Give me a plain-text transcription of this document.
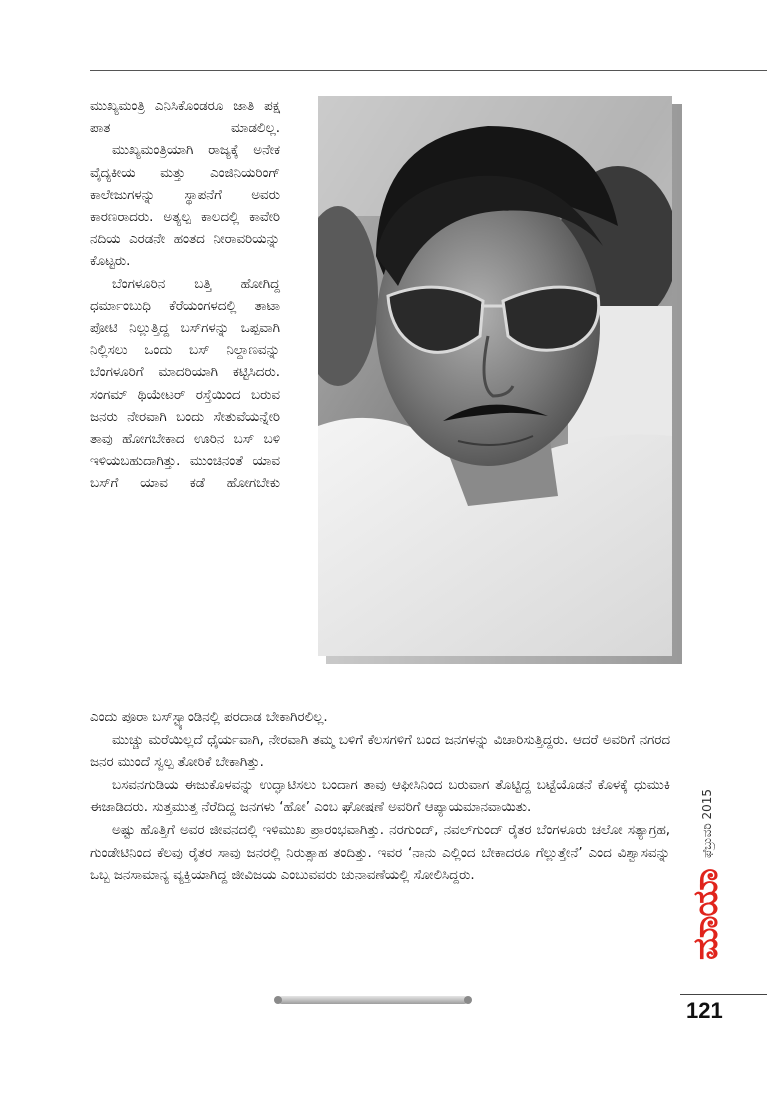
ಮುಖ್ಯಮಂತ್ರಿ ಎನಿಸಿಕೊಂಡರೂ ಜಾತಿ ಪಕ್ಷ ಪಾತ ಮಾಡಲಿಲ್ಲ.

ಮುಖ್ಯಮಂತ್ರಿಯಾಗಿ ರಾಜ್ಯಕ್ಕೆ ಅನೇಕ ವೈದ್ಯಕೀಯ ಮತ್ತು ಎಂಜಿನಿಯರಿಂಗ್ ಕಾಲೇಜುಗಳನ್ನು ಸ್ಥಾಪನೆಗೆ ಅವರು ಕಾರಣರಾದರು. ಅತ್ಯಲ್ಪ ಕಾಲದಲ್ಲಿ ಕಾವೇರಿ ನದಿಯ ಎರಡನೇ ಹಂತದ ನೀರಾವರಿಯನ್ನು ಕೊಟ್ಟರು.

ಬೆಂಗಳೂರಿನ ಬತ್ತಿ ಹೋಗಿದ್ದ ಧರ್ಮಾಂಬುಧಿ ಕೆರೆಯಂಗಳದಲ್ಲಿ ತಾಟಾ ಪೋಟಿ ನಿಲ್ಲುತ್ತಿದ್ದ ಬಸ್‌ಗಳನ್ನು ಒಪ್ಪವಾಗಿ ನಿಲ್ಲಿಸಲು ಒಂದು ಬಸ್ ನಿಲ್ದಾಣವನ್ನು ಬೆಂಗಳೂರಿಗೆ ಮಾದರಿಯಾಗಿ ಕಟ್ಟಿಸಿದರು. ಸಂಗಮ್ ಥಿಯೇಟರ್ ರಸ್ತೆಯಿಂದ ಬರುವ ಜನರು ನೇರವಾಗಿ ಬಂದು ಸೇತುವೆಯನ್ನೇರಿ ತಾವು ಹೋಗಬೇಕಾದ ಊರಿನ ಬಸ್ ಬಳಿ ಇಳಿಯಬಹುದಾಗಿತ್ತು. ಮುಂಚಿನಂತೆ ಯಾವ ಬಸ್‌ಗೆ ಯಾವ ಕಡೆ ಹೋಗಬೇಕು

ಎಂದು ಪೂರಾ ಬಸ್‌ಸ್ಟ್ಯಾಂಡಿನಲ್ಲಿ ಪರದಾಡ ಬೇಕಾಗಿರಲಿಲ್ಲ.

ಮುಚ್ಚು ಮರೆಯಿಲ್ಲದೆ ಧೈರ್ಯವಾಗಿ, ನೇರವಾಗಿ ತಮ್ಮ ಬಳಿಗೆ ಕೆಲಸಗಳಿಗೆ ಬಂದ ಜನಗಳನ್ನು ವಿಚಾರಿಸುತ್ತಿದ್ದರು. ಆದರೆ ಅವರಿಗೆ ನಗರದ ಜನರ ಮುಂದೆ ಸ್ವಲ್ಪ ತೋರಿಕೆ ಬೇಕಾಗಿತ್ತು.

ಬಸವನಗುಡಿಯ ಈಜುಕೊಳವನ್ನು ಉದ್ಘಾಟಿಸಲು ಬಂದಾಗ ತಾವು ಆಫೀಸಿನಿಂದ ಬರುವಾಗ ತೊಟ್ಟಿದ್ದ ಬಟ್ಟೆಯೊಡನೆ ಕೊಳಕ್ಕೆ ಧುಮುಕಿ ಈಜಾಡಿದರು. ಸುತ್ತಮುತ್ತ ನೆರೆದಿದ್ದ ಜನಗಳು ‘ಹೋ’ ಎಂಬ ಘೋಷಣೆ ಅವರಿಗೆ ಆಪ್ಯಾಯಮಾನವಾಯಿತು.

ಅಷ್ಟು ಹೊತ್ತಿಗೆ ಅವರ ಜೀವನದಲ್ಲಿ ಇಳಿಮುಖ ಪ್ರಾರಂಭವಾಗಿತ್ತು. ನರಗುಂದ್, ನವಲ್‌ಗುಂದ್ ರೈತರ ಬೆಂಗಳೂರು ಚಲೋ ಸತ್ಯಾಗ್ರಹ, ಗುಂಡೇಟಿನಿಂದ ಕೆಲವು ರೈತರ ಸಾವು ಜನರಲ್ಲಿ ನಿರುತ್ಸಾಹ ತಂದಿತ್ತು. ಇವರ ‘ನಾನು ಎಲ್ಲಿಂದ ಬೇಕಾದರೂ ಗೆಲ್ಲುತ್ತೇನೆ’ ಎಂದ ವಿಶ್ವಾಸವನ್ನು ಒಬ್ಬ ಜನಸಾಮಾನ್ಯ ವ್ಯಕ್ತಿಯಾಗಿದ್ದ ಜೀವಿಜಯ ಎಂಬುವವರು ಚುನಾವಣೆಯಲ್ಲಿ ಸೋಲಿಸಿದ್ದರು.

ಫೆಬ್ರುವರಿ 2015
ಮಾಯಾ
121
